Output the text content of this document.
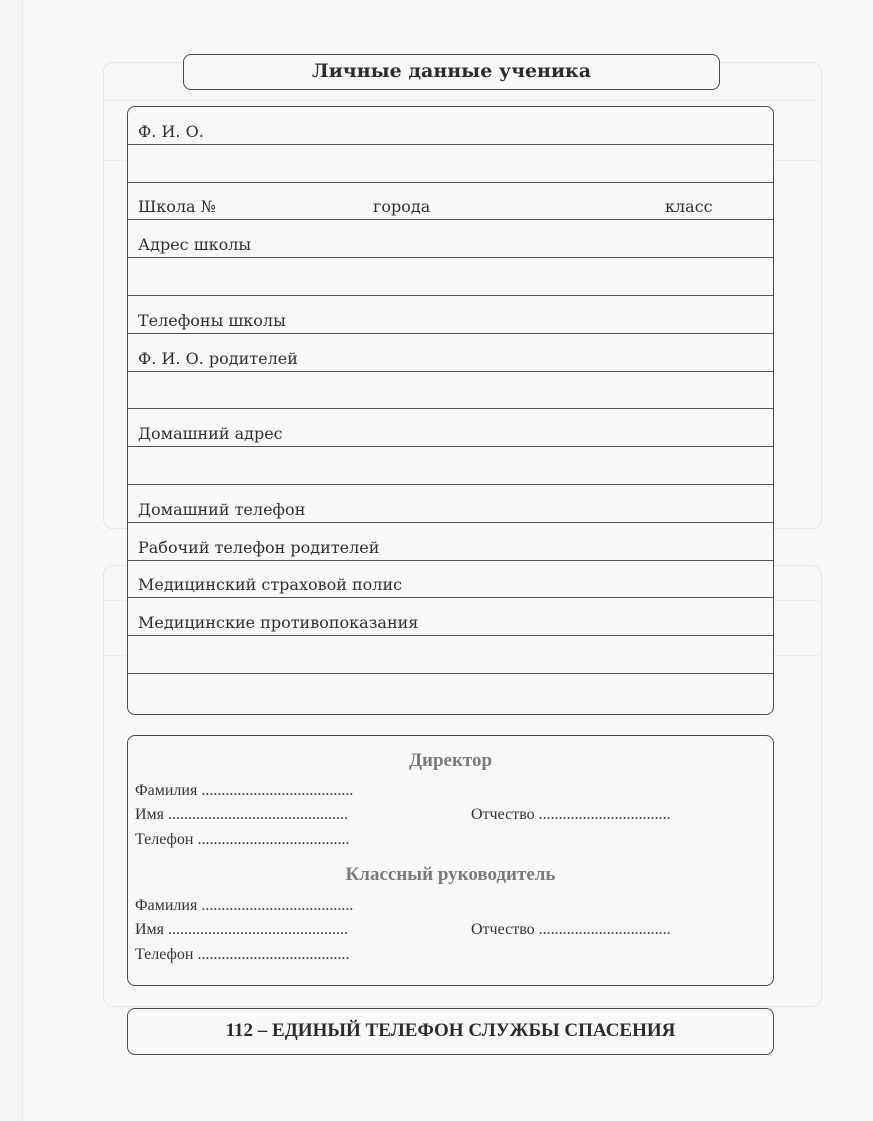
Личные данные ученика
Ф. И. О.
Школа №	города	класс
Адрес школы
Телефоны школы
Ф. И. О. родителей
Домашний адрес
Домашний телефон
Рабочий телефон родителей
Медицинский страховой полис
Медицинские противопоказания
Директор
Фамилия ......................................
Имя .............................................	Отчество .................................
Телефон ......................................
Классный руководитель
Фамилия ......................................
Имя .............................................	Отчество .................................
Телефон ......................................
112 – ЕДИНЫЙ ТЕЛЕФОН СЛУЖБЫ СПАСЕНИЯ
